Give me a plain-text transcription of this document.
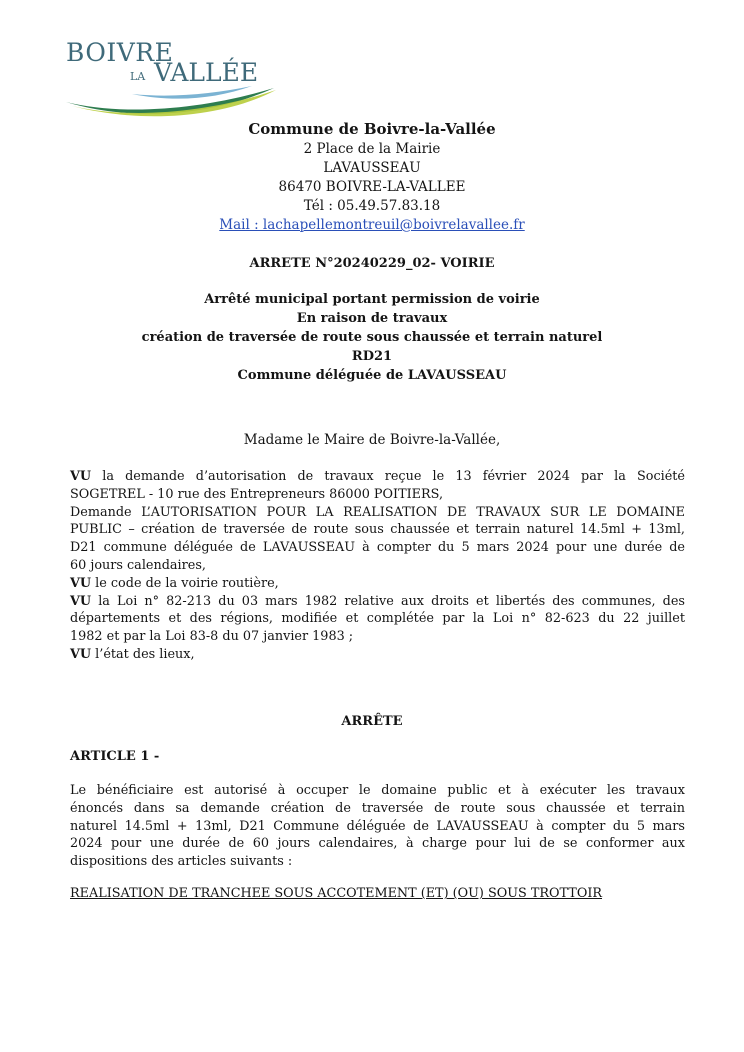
BOIVRE
LA VALLÉE
Commune de Boivre-la-Vallée
2 Place de la Mairie
LAVAUSSEAU
86470 BOIVRE-LA-VALLEE
Tél : 05.49.57.83.18
Mail : lachapellemontreuil@boivrelavallee.fr
ARRETE N°20240229_02- VOIRIE
Arrêté municipal portant permission de voirie
En raison de travaux
création de traversée de route sous chaussée et terrain naturel
RD21
Commune déléguée de LAVAUSSEAU
Madame le Maire de Boivre-la-Vallée,
VU la demande d’autorisation de travaux reçue le 13 février 2024 par la Société
SOGETREL - 10 rue des Entrepreneurs 86000 POITIERS,
Demande L’AUTORISATION POUR LA REALISATION DE TRAVAUX SUR LE DOMAINE
PUBLIC – création de traversée de route sous chaussée et terrain naturel 14.5ml + 13ml,
D21 commune déléguée de LAVAUSSEAU à compter du 5 mars 2024 pour une durée de
60 jours calendaires,
VU le code de la voirie routière,
VU la Loi n° 82-213 du 03 mars 1982 relative aux droits et libertés des communes, des
départements et des régions, modifiée et complétée par la Loi n° 82-623 du 22 juillet
1982 et par la Loi 83-8 du 07 janvier 1983 ;
VU l’état des lieux,
ARRÊTE
ARTICLE 1 -
Le bénéficiaire est autorisé à occuper le domaine public et à exécuter les travaux
énoncés dans sa demande création de traversée de route sous chaussée et terrain
naturel 14.5ml + 13ml, D21 Commune déléguée de LAVAUSSEAU à compter du 5 mars
2024 pour une durée de 60 jours calendaires, à charge pour lui de se conformer aux
dispositions des articles suivants :
REALISATION DE TRANCHEE SOUS ACCOTEMENT (ET) (OU) SOUS TROTTOIR
